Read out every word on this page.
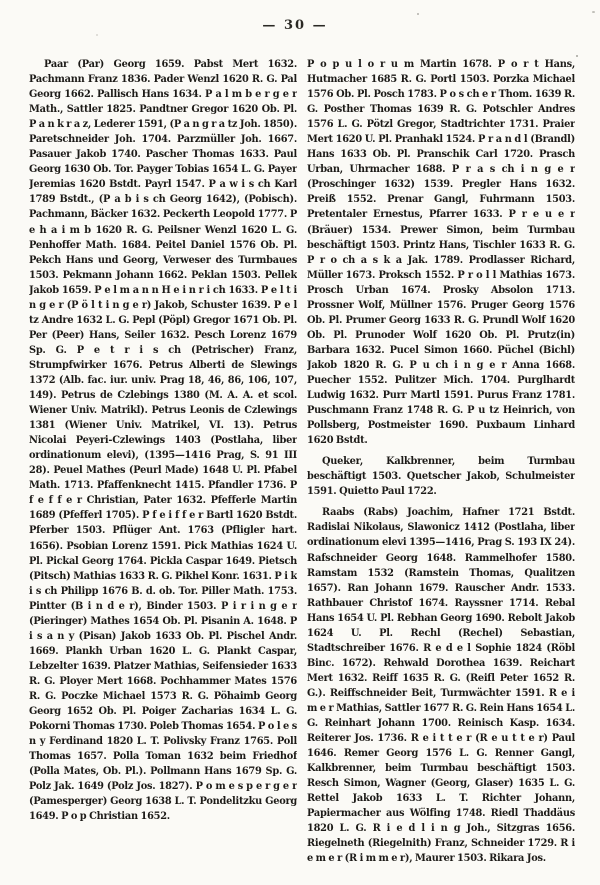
— 30 —

Paar (Par) Georg 1659. Pabst Mert 1632. Pachmann Franz 1836. Pader Wenzl 1620 R. G. Pal Georg 1662. Pallisch Hans 1634. P a l m b e r g e r Math., Sattler 1825. Pandtner Gregor 1620 Ob. Pl. P a n k r a z, Lederer 1591, (P a n g r a tz Joh. 1850). Paretschneider Joh. 1704. Parzmüller Joh. 1667. Pasauer Jakob 1740. Pascher Thomas 1633. Paul Georg 1630 Ob. Tor. Payger Tobias 1654 L. G. Payer Jeremias 1620 Bstdt. Payrl 1547. P a w i s ch Karl 1789 Bstdt., (P a b i s ch Georg 1642), (Pobisch). Pachmann, Bäcker 1632. Peckerth Leopold 1777. P e h a i m b 1620 R. G. Peilsner Wenzl 1620 L. G. Penhoffer Math. 1684. Peitel Daniel 1576 Ob. Pl. Pekch Hans und Georg, Verweser des Turmbaues 1503. Pekmann Johann 1662. Peklan 1503. Pellek Jakob 1659. P e l m a n n H e i n r i ch 1633. P e l t i n g e r (P ö l t i n g e r) Jakob, Schuster 1639. P e l tz Andre 1632 L. G. Pepl (Pöpl) Gregor 1671 Ob. Pl. Per (Peer) Hans, Seiler 1632. Pesch Lorenz 1679 Sp. G. P e t r i s ch (Petrischer) Franz, Strumpfwirker 1676. Petrus Alberti de Slewings 1372 (Alb. fac. iur. univ. Prag 18, 46, 86, 106, 107, 149). Petrus de Czlebings 1380 (M. A. A. et scol. Wiener Univ. Matrikl). Petrus Leonis de Czlewings 1381 (Wiener Univ. Matrikel, VI. 13). Petrus Nicolai Peyeri-Czlewings 1403 (Postlaha, liber ordinationum elevi), (1395—1416 Prag, S. 91 III 28). Peuel Mathes (Peurl Made) 1648 U. Pl. Pfabel Math. 1713. Pfaffenknecht 1415. Pfandler 1736. P f e f f e r Christian, Pater 1632. Pfefferle Martin 1689 (Pfefferl 1705). P f e i f f e r Bartl 1620 Bstdt. Pferber 1503. Pflüger Ant. 1763 (Pfligler hart. 1656). Psobian Lorenz 1591. Pick Mathias 1624 U. Pl. Pickal Georg 1764. Pickla Caspar 1649. Pietsch (Pitsch) Mathias 1633 R. G. Pikhel Konr. 1631. P i k i s ch Philipp 1676 B. d. ob. Tor. Piller Math. 1753. Pintter (B i n d e r), Binder 1503. P i r i n g e r (Pieringer) Mathes 1654 Ob. Pl. Pisanin A. 1648. P i s a n y (Pisan) Jakob 1633 Ob. Pl. Pischel Andr. 1669. Plankh Urban 1620 L. G. Plankt Caspar, Lebzelter 1639. Platzer Mathias, Seifensieder 1633 R. G. Ployer Mert 1668. Pochhammer Mates 1576 R. G. Poczke Michael 1573 R. G. Pöhaimb Georg Georg 1652 Ob. Pl. Poiger Zacharias 1634 L. G. Pokorni Thomas 1730. Poleb Thomas 1654. P o l e s n y Ferdinand 1820 L. T. Polivsky Franz 1765. Poll Thomas 1657. Polla Toman 1632 beim Friedhof (Polla Mates, Ob. Pl.). Pollmann Hans 1679 Sp. G. Polz Jak. 1649 (Polz Jos. 1827). P o m e s p e r g e r (Pamesperger) Georg 1638 L. T. Pondelitzku Georg 1649. P o p Christian 1652.

P o p u l o r u m Martin 1678. P o r t Hans, Hutmacher 1685 R. G. Portl 1503. Porzka Michael 1576 Ob. Pl. Posch 1783. P o s ch e r Thom. 1639 R. G. Posther Thomas 1639 R. G. Potschler Andres 1576 L. G. Pötzl Gregor, Stadtrichter 1731. Praier Mert 1620 U. Pl. Pranhakl 1524. P r a n d l (Brandl) Hans 1633 Ob. Pl. Pranschik Carl 1720. Prasch Urban, Uhrmacher 1688. P r a s ch i n g e r (Proschinger 1632) 1539. Pregler Hans 1632. Preiß 1552. Prenar Gangl, Fuhrmann 1503. Pretentaler Ernestus, Pfarrer 1633. P r e u e r (Bräuer) 1534. Prewer Simon, beim Turmbau beschäftigt 1503. Printz Hans, Tischler 1633 R. G. P r o ch a s k a Jak. 1789. Prodlasser Richard, Müller 1673. Proksch 1552. P r o l l Mathias 1673. Prosch Urban 1674. Prosky Absolon 1713. Prossner Wolf, Müllner 1576. Pruger Georg 1576 Ob. Pl. Prumer Georg 1633 R. G. Prundl Wolf 1620 Ob. Pl. Prunoder Wolf 1620 Ob. Pl. Prutz(in) Barbara 1632. Pucel Simon 1660. Püchel (Bichl) Jakob 1820 R. G. P u ch i n g e r Anna 1668. Puecher 1552. Pulitzer Mich. 1704. Purglhardt Ludwig 1632. Purr Martl 1591. Purus Franz 1781. Puschmann Franz 1748 R. G. P u tz Heinrich, von Pollsberg, Postmeister 1690. Puxbaum Linhard 1620 Bstdt.

Queker, Kalkbrenner, beim Turmbau beschäftigt 1503. Quetscher Jakob, Schulmeister 1591. Quietto Paul 1722.

Raabs (Rabs) Joachim, Hafner 1721 Bstdt. Radislai Nikolaus, Slawonicz 1412 (Postlaha, liber ordinationum elevi 1395—1416, Prag S. 193 IX 24). Rafschneider Georg 1648. Rammelhofer 1580. Ramstam 1532 (Ramstein Thomas, Qualitzen 1657). Ran Johann 1679. Rauscher Andr. 1533. Rathbauer Christof 1674. Rayssner 1714. Rebal Hans 1654 U. Pl. Rebhan Georg 1690. Rebolt Jakob 1624 U. Pl. Rechl (Rechel) Sebastian, Stadtschreiber 1676. R e d e l Sophie 1824 (Röbl Binc. 1672). Rehwald Dorothea 1639. Reichart Mert 1632. Reiff 1635 R. G. (Reifl Peter 1652 R. G.). Reiffschneider Beit, Turmwächter 1591. R e i m e r Mathias, Sattler 1677 R. G. Rein Hans 1654 L. G. Reinhart Johann 1700. Reinisch Kasp. 1634. Reiterer Jos. 1736. R e i t t e r (R e u t t e r) Paul 1646. Remer Georg 1576 L. G. Renner Gangl, Kalkbrenner, beim Turmbau beschäftigt 1503. Resch Simon, Wagner (Georg, Glaser) 1635 L. G. Rettel Jakob 1633 L. T. Richter Johann, Papiermacher aus Wölfing 1748. Riedl Thaddäus 1820 L. G. R i e d l i n g Joh., Sitzgras 1656. Riegelneth (Riegelnith) Franz, Schneider 1729. R i e m e r (R i m m e r), Maurer 1503. Rikara Jos.
